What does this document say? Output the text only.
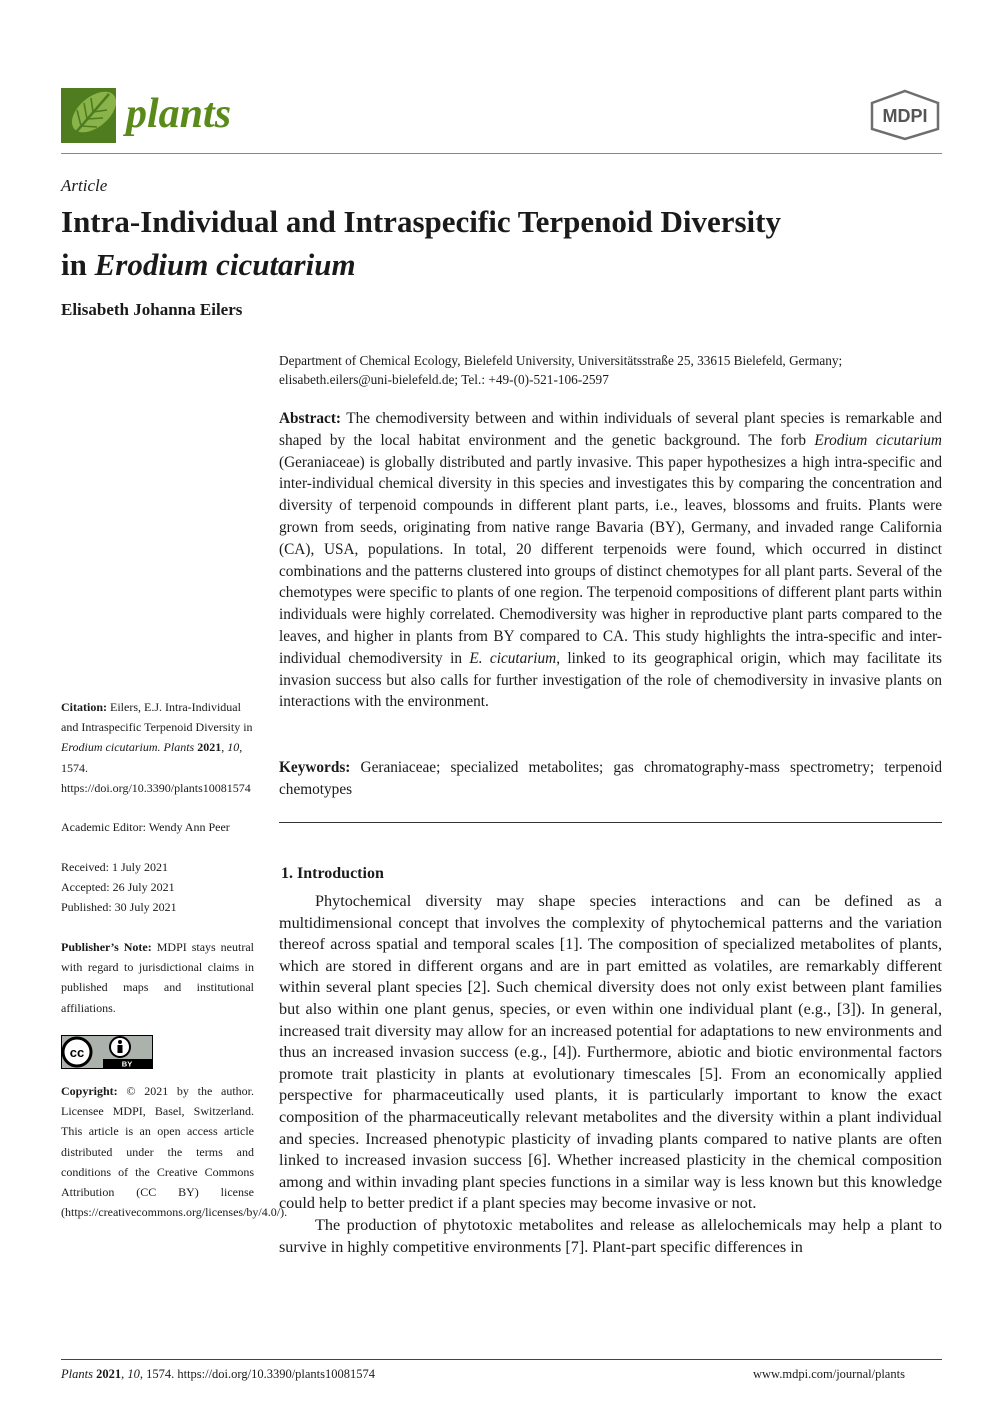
plants	MDPI
Article
Intra-Individual and Intraspecific Terpenoid Diversity
in Erodium cicutarium
Elisabeth Johanna Eilers
Department of Chemical Ecology, Bielefeld University, Universitätsstraße 25, 33615 Bielefeld, Germany;
elisabeth.eilers@uni-bielefeld.de; Tel.: +49-(0)-521-106-2597
Abstract: The chemodiversity between and within individuals of several plant species is remarkable and shaped by the local habitat environment and the genetic background. The forb Erodium cicutarium (Geraniaceae) is globally distributed and partly invasive. This paper hypothesizes a high intra-specific and inter-individual chemical diversity in this species and investigates this by comparing the concentration and diversity of terpenoid compounds in different plant parts, i.e., leaves, blossoms and fruits. Plants were grown from seeds, originating from native range Bavaria (BY), Germany, and invaded range California (CA), USA, populations. In total, 20 different terpenoids were found, which occurred in distinct combinations and the patterns clustered into groups of distinct chemotypes for all plant parts. Several of the chemotypes were specific to plants of one region. The terpenoid compositions of different plant parts within individuals were highly correlated. Chemodiversity was higher in reproductive plant parts compared to the leaves, and higher in plants from BY compared to CA. This study highlights the intra-specific and inter-individual chemodiversity in E. cicutarium, linked to its geographical origin, which may facilitate its invasion success but also calls for further investigation of the role of chemodiversity in invasive plants on interactions with the environment.
Keywords: Geraniaceae; specialized metabolites; gas chromatography-mass spectrometry; terpenoid chemotypes
1. Introduction

Phytochemical diversity may shape species interactions and can be defined as a multidimensional concept that involves the complexity of phytochemical patterns and the variation thereof across spatial and temporal scales [1]. The composition of specialized metabolites of plants, which are stored in different organs and are in part emitted as volatiles, are remarkably different within several plant species [2]. Such chemical diversity does not only exist between plant families but also within one plant genus, species, or even within one individual plant (e.g., [3]). In general, increased trait diversity may allow for an increased potential for adaptations to new environments and thus an increased invasion success (e.g., [4]). Furthermore, abiotic and biotic environmental factors promote trait plasticity in plants at evolutionary timescales [5]. From an economically applied perspective for pharmaceutically used plants, it is particularly important to know the exact composition of the pharmaceutically relevant metabolites and the diversity within a plant individual and species. Increased phenotypic plasticity of invading plants compared to native plants are often linked to increased invasion success [6]. Whether increased plasticity in the chemical composition among and within invading plant species functions in a similar way is less known but this knowledge could help to better predict if a plant species may become invasive or not.

The production of phytotoxic metabolites and release as allelochemicals may help a plant to survive in highly competitive environments [7]. Plant-part specific differences in

Citation: Eilers, E.J. Intra-Individual and Intraspecific Terpenoid Diversity in Erodium cicutarium. Plants 2021, 10, 1574. https://doi.org/10.3390/plants10081574
Academic Editor: Wendy Ann Peer
Received: 1 July 2021
Accepted: 26 July 2021
Published: 30 July 2021
Publisher’s Note: MDPI stays neutral with regard to jurisdictional claims in published maps and institutional affiliations.
cc
BY
Copyright: © 2021 by the author. Licensee MDPI, Basel, Switzerland. This article is an open access article distributed under the terms and conditions of the Creative Commons Attribution (CC BY) license (https://creativecommons.org/licenses/by/4.0/).
Plants 2021, 10, 1574. https://doi.org/10.3390/plants10081574	www.mdpi.com/journal/plants
